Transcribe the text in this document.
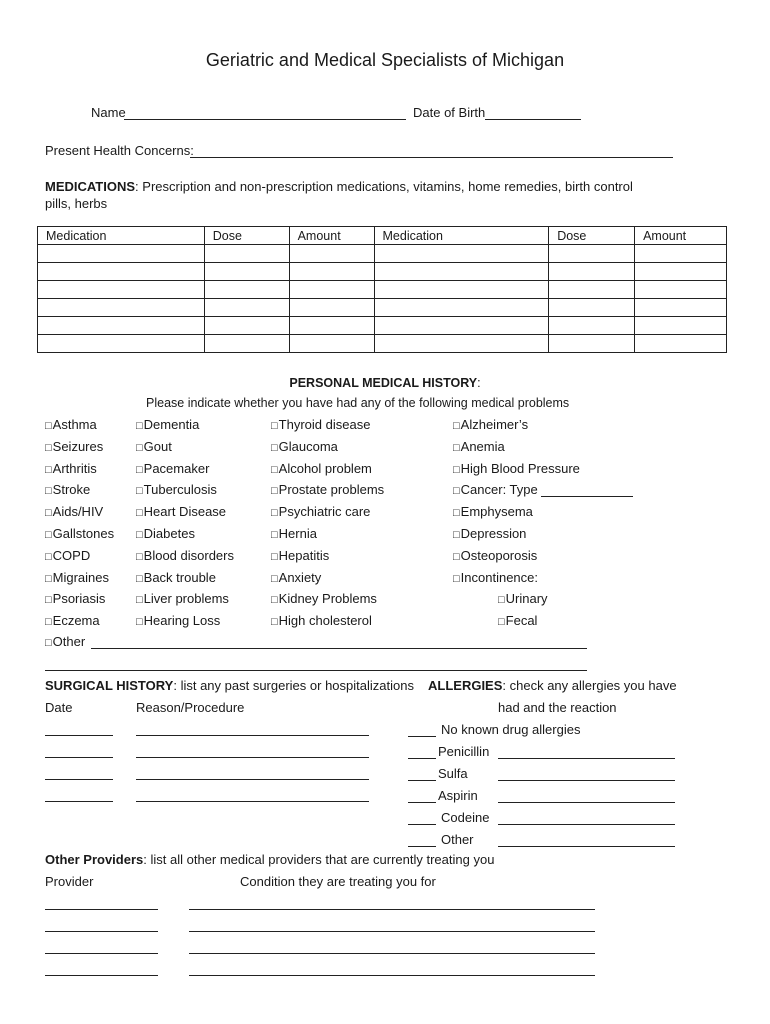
Geriatric and Medical Specialists of Michigan
Name	Date of Birth
Present Health Concerns:
MEDICATIONS: Prescription and non-prescription medications, vitamins, home remedies, birth control
pills, herbs
Medication	Dose	Amount	Medication	Dose	Amount

PERSONAL MEDICAL HISTORY:
Please indicate whether you have had any of the following medical problems
□ Asthma
□ Seizures
□ Arthritis
□ Stroke
□ Aids/HIV
□ Gallstones
□ COPD
□ Migraines
□ Psoriasis
□ Eczema
□ Dementia
□ Gout
□ Pacemaker
□ Tuberculosis
□ Heart Disease
□ Diabetes
□ Blood disorders
□ Back trouble
□ Liver problems
□ Hearing Loss
□ Thyroid disease
□ Glaucoma
□ Alcohol problem
□ Prostate problems
□ Psychiatric care
□ Hernia
□ Hepatitis
□ Anxiety
□ Kidney Problems
□ High cholesterol
□ Alzheimer’s
□ Anemia
□ High Blood Pressure
□ Cancer: Type
□ Emphysema
□ Depression
□ Osteoporosis
□ Incontinence:
□ Urinary
□ Fecal
□ Other
SURGICAL HISTORY: list any past surgeries or hospitalizations
Date	Reason/Procedure
ALLERGIES: check any allergies you have
had and the reaction
No known drug allergies
Penicillin
Sulfa
Aspirin
Codeine
Other
Other Providers: list all other medical providers that are currently treating you
Provider	Condition they are treating you for
